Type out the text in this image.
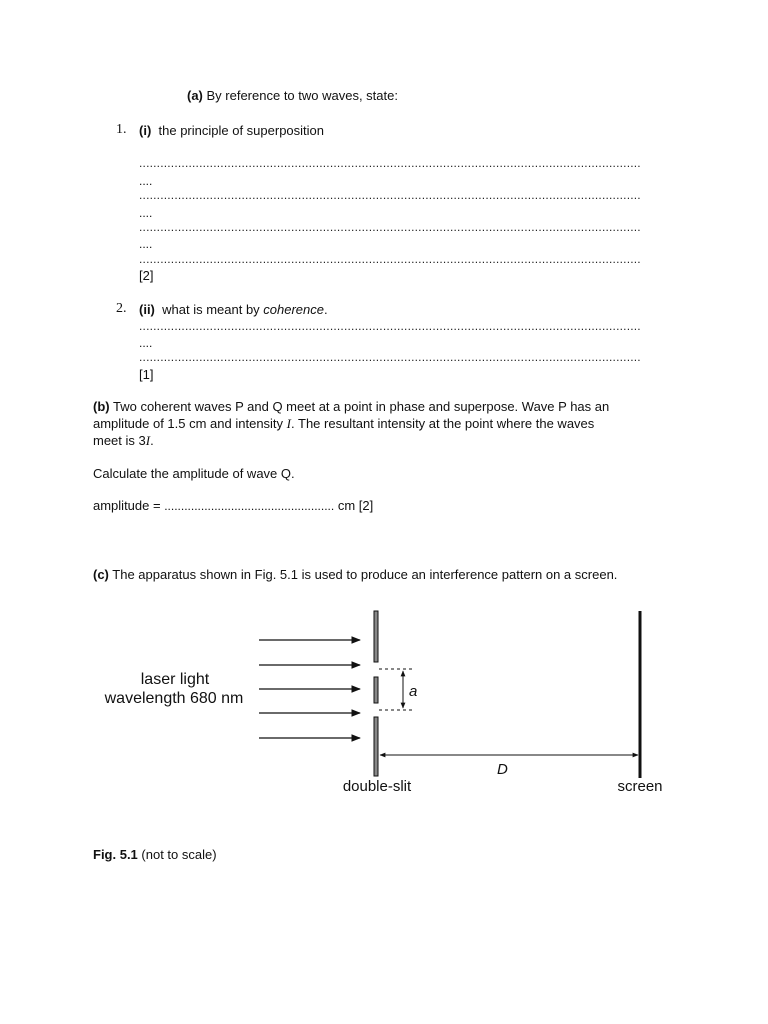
(a) By reference to two waves, state:
1. (i) the principle of superposition
..............................................................................................................................................
....
..............................................................................................................................................
....
..............................................................................................................................................
....
..............................................................................................................................................
[2]
2. (ii) what is meant by coherence.
..............................................................................................................................................
....
..............................................................................................................................................
[1]
(b) Two coherent waves P and Q meet at a point in phase and superpose. Wave P has an
amplitude of 1.5 cm and intensity I. The resultant intensity at the point where the waves
meet is 3I.
Calculate the amplitude of wave Q.
amplitude = ................................................... cm [2]
(c) The apparatus shown in Fig. 5.1 is used to produce an interference pattern on a screen.
a
D
laser light
wavelength 680 nm
double-slit	screen
Fig. 5.1 (not to scale)
